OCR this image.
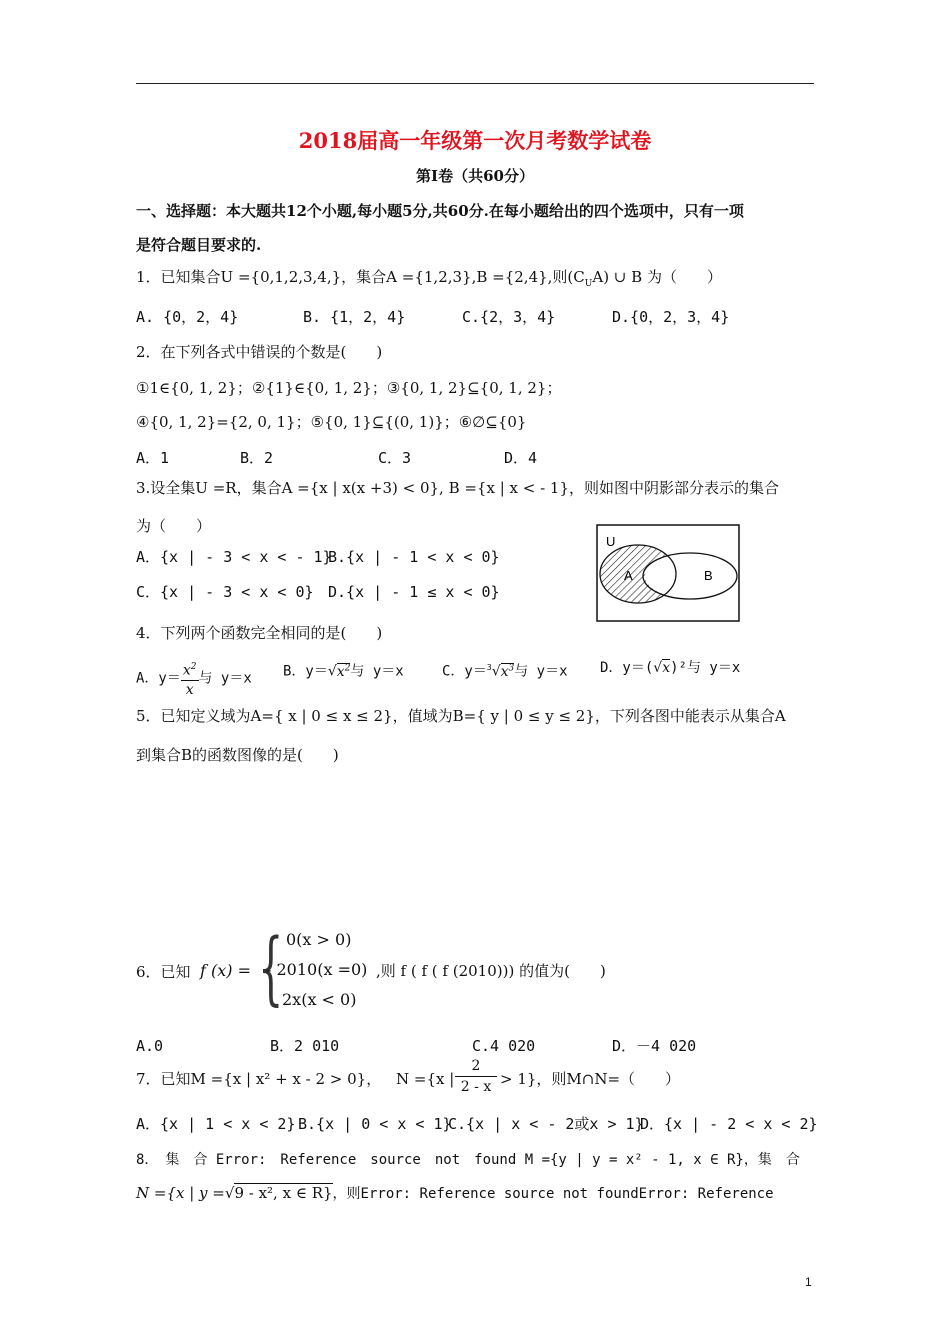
2018届高一年级第一次月考数学试卷
第Ⅰ卷（共60分）
一、选择题：本大题共12个小题,每小题5分,共60分.在每小题给出的四个选项中，只有一项
是符合题目要求的.
1．已知集合U ={0,1,2,3,4,}，集合A ={1,2,3},B ={2,4},则$(C_UA)$ ∪ B 为（　　）
A. {0，2，4}	B. {1，2，4}	C.{2，3，4}	D.{0，2，3，4}
2．在下列各式中错误的个数是(　　)
①1∈{0, 1, 2}；②{1}∈{0, 1, 2}；③{0, 1, 2}⊆{0, 1, 2}；
④{0, 1, 2}={2, 0, 1}；⑤{0, 1}⊆{(0, 1)}；⑥∅⊆{0}
A．1	B．2	C．3	D．4
3.设全集U =R，集合A ={x | x(x +3) < 0}, B ={x | x < - 1}，则如图中阴影部分表示的集合
为（　　）
A．{x | - 3 < x < - 1}
B.{x | - 1 < x < 0}
C．{x | - 3 < x < 0} D.{x | - 1 ≤ x < 0}
U
A	B
4．下列两个函数完全相同的是(　　)
A．$y= \frac{x^2}{x}$ 与 y＝x B．$y=√x^2$与 y＝x	C．$y=^3√x^3$与 y＝x D．y＝(√x)²与 y＝x
5．已知定义域为A={ x | 0 ≤ x ≤ 2}，值域为B={ y | 0 ≤ y ≤ 2}，下列各图中能表示从集合A
到集合B的函数图像的是(　　)
6．已知 f (x) = { 0(x > 0)
- 2010(x =0)
2x(x < 0)
,则 f ( f ( f (2010))) 的值为(　　)
A.0	B．2 010	C.4 020	D．－4 020
7．已知M ={x | x² + x - 2 > 0}， N ={x | $\frac{2}{2 - x} > 1$}，则M∩N=（　　）
A．{x | 1 < x < 2} B.{x | 0 < x < 1}
C.{x | x < - 2或x > 1}
D．{x | - 2 < x < 2}
8．　集　合 Error:　Reference　source　not　found M ={y | y = x² - 1, x ∈ R}，集　合
N ={x | y =√9 - x², x ∈ R}，则Error: Reference source not foundError: Reference
1
